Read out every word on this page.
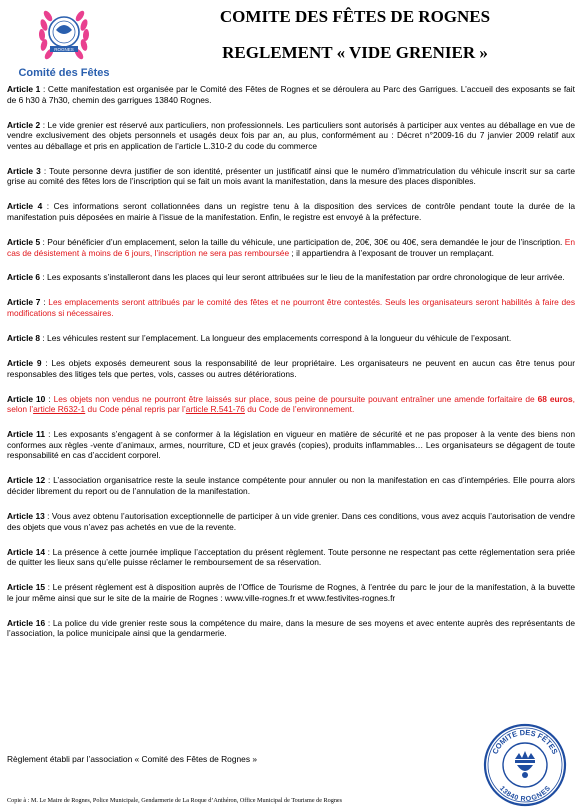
ROGNES
Comité des Fêtes
COMITE DES FÊTES DE ROGNES
REGLEMENT « VIDE GRENIER »

Article 1 : Cette manifestation est organisée par le Comité des Fêtes de Rognes et se déroulera au Parc des Garrigues. L’accueil des exposants se fait de 6 h30 à 7h30, chemin des garrigues 13840 Rognes.

Article 2 : Le vide grenier est réservé aux particuliers, non professionnels. Les particuliers sont autorisés à participer aux ventes au déballage en vue de vendre exclusivement des objets personnels et usagés deux fois par an, au plus, conformément au : Décret n°2009-16 du 7 janvier 2009 relatif aux ventes au déballage et pris en application de l’article L.310-2 du code du commerce

Article 3 : Toute personne devra justifier de son identité, présenter un justificatif ainsi que le numéro d’immatriculation du véhicule inscrit sur sa carte grise au comité des fêtes lors de l’inscription qui se fait un mois avant la manifestation, dans la mesure des places disponibles.

Article 4 : Ces informations seront collationnées dans un registre tenu à la disposition des services de contrôle pendant toute la durée de la manifestation puis déposées en mairie à l’issue de la manifestation. Enfin, le registre est envoyé à la préfecture.

Article 5 : Pour bénéficier d’un emplacement, selon la taille du véhicule, une participation de, 20€, 30€ ou 40€, sera demandée le jour de l’inscription. En cas de désistement à moins de 6 jours, l’inscription ne sera pas remboursée ; il appartiendra à l’exposant de trouver un remplaçant.

Article 6 : Les exposants s’installeront dans les places qui leur seront attribuées sur le lieu de la manifestation par ordre chronologique de leur arrivée.

Article 7 : Les emplacements seront attribués par le comité des fêtes et ne pourront être contestés. Seuls les organisateurs seront habilités à faire des modifications si nécessaires.

Article 8 : Les véhicules restent sur l’emplacement. La longueur des emplacements correspond à la longueur du véhicule de l’exposant.

Article 9 : Les objets exposés demeurent sous la responsabilité de leur propriétaire. Les organisateurs ne peuvent en aucun cas être tenus pour responsables des litiges tels que pertes, vols, casses ou autres détériorations.

Article 10 : Les objets non vendus ne pourront être laissés sur place, sous peine de poursuite pouvant entraîner une amende forfaitaire de 68 euros, selon l’article R632-1 du Code pénal repris par l’article R.541-76 du Code de l’environnement.

Article 11 : Les exposants s’engagent à se conformer à la législation en vigueur en matière de sécurité et ne pas proposer à la vente des biens non conformes aux règles -vente d’animaux, armes, nourriture, CD et jeux gravés (copies), produits inflammables… Les organisateurs se dégagent de toute responsabilité en cas d’accident corporel.

Article 12 : L’association organisatrice reste la seule instance compétente pour annuler ou non la manifestation en cas d’intempéries. Elle pourra alors décider librement du report ou de l’annulation de la manifestation.

Article 13 : Vous avez obtenu l’autorisation exceptionnelle de participer à un vide grenier. Dans ces conditions, vous avez acquis l’autorisation de vendre des objets que vous n’avez pas achetés en vue de la revente.

Article 14 : La présence à cette journée implique l’acceptation du présent règlement. Toute personne ne respectant pas cette réglementation sera priée de quitter les lieux sans qu’elle puisse réclamer le remboursement de sa réservation.

Article 15 : Le présent règlement est à disposition auprès de l’Office de Tourisme de Rognes, à l’entrée du parc le jour de la manifestation, à la buvette le jour même ainsi que sur le site de la mairie de Rognes : www.ville-rognes.fr et www.festivites-rognes.fr

Article 16 : La police du vide grenier reste sous la compétence du maire, dans la mesure de ses moyens et avec entente auprès des représentants de l’association, la police municipale ainsi que la gendarmerie.

Règlement établi par l’association « Comité des Fêtes de Rognes »

COMITE DES FÊTES
13840 ROGNES

Copie à : M. Le Maire de Rognes, Police Municipale, Gendarmerie de La Roque d’Anthéron, Office Municipal de Tourisme de Rognes
